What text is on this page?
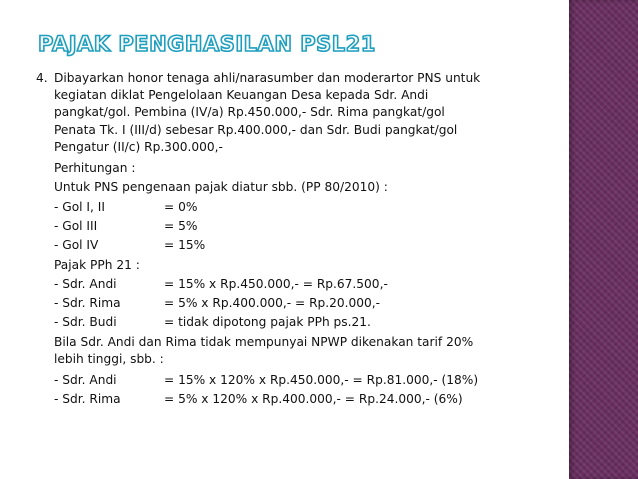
PAJAK PENGHASILAN PSL21
4. Dibayarkan honor tenaga ahli/narasumber dan moderartor PNS untuk
kegiatan diklat Pengelolaan Keuangan Desa kepada Sdr. Andi
pangkat/gol. Pembina (IV/a) Rp.450.000,- Sdr. Rima pangkat/gol
Penata Tk. I (III/d) sebesar Rp.400.000,- dan Sdr. Budi pangkat/gol
Pengatur (II/c) Rp.300.000,-
Perhitungan :
Untuk PNS pengenaan pajak diatur sbb. (PP 80/2010) :
- Gol I, II	= 0%
- Gol III	= 5%
- Gol IV	= 15%
Pajak PPh 21 :
- Sdr. Andi	= 15% x Rp.450.000,- = Rp.67.500,-
- Sdr. Rima	= 5% x Rp.400.000,- = Rp.20.000,-
- Sdr. Budi	= tidak dipotong pajak PPh ps.21.
Bila Sdr. Andi dan Rima tidak mempunyai NPWP dikenakan tarif 20%
lebih tinggi, sbb. :
- Sdr. Andi	= 15% x 120% x Rp.450.000,- = Rp.81.000,- (18%)
- Sdr. Rima	= 5% x 120% x Rp.400.000,- = Rp.24.000,- (6%)
